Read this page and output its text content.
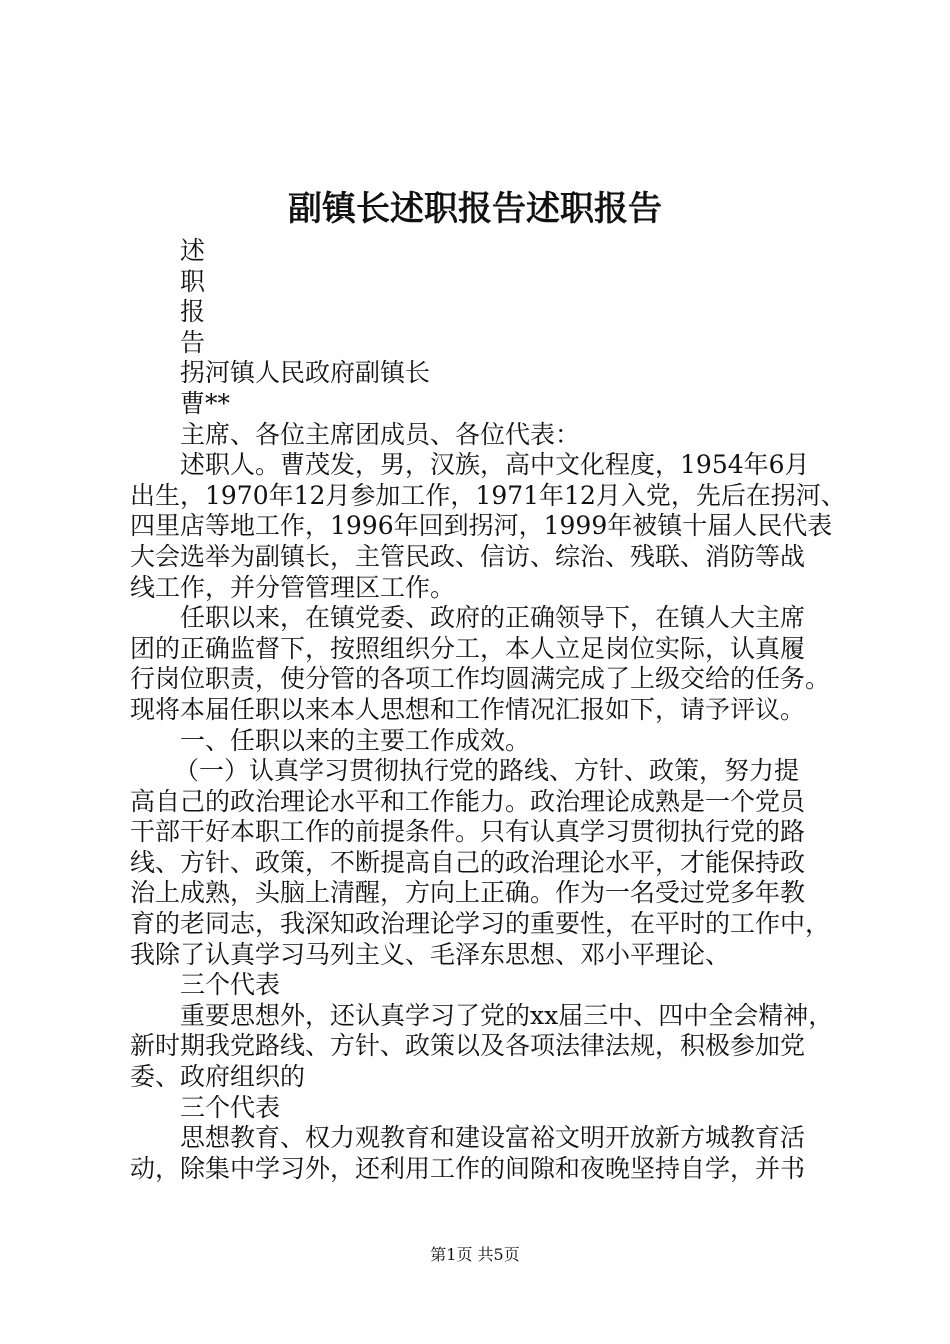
副镇长述职报告述职报告
述
职
报
告
拐河镇人民政府副镇长
曹**
主席、各位主席团成员、各位代表：
述职人。曹茂发，男，汉族，高中文化程度，1954年6月
出生，1970年12月参加工作，1971年12月入党，先后在拐河、
四里店等地工作，1996年回到拐河，1999年被镇十届人民代表
大会选举为副镇长，主管民政、信访、综治、残联、消防等战
线工作，并分管管理区工作。
任职以来，在镇党委、政府的正确领导下，在镇人大主席
团的正确监督下，按照组织分工，本人立足岗位实际，认真履
行岗位职责，使分管的各项工作均圆满完成了上级交给的任务。
现将本届任职以来本人思想和工作情况汇报如下，请予评议。
一、任职以来的主要工作成效。
（一）认真学习贯彻执行党的路线、方针、政策，努力提
高自己的政治理论水平和工作能力。政治理论成熟是一个党员
干部干好本职工作的前提条件。只有认真学习贯彻执行党的路
线、方针、政策，不断提高自己的政治理论水平，才能保持政
治上成熟，头脑上清醒，方向上正确。作为一名受过党多年教
育的老同志，我深知政治理论学习的重要性，在平时的工作中，
我除了认真学习马列主义、毛泽东思想、邓小平理论、
三个代表
重要思想外，还认真学习了党的xx届三中、四中全会精神，
新时期我党路线、方针、政策以及各项法律法规，积极参加党
委、政府组织的
三个代表
思想教育、权力观教育和建设富裕文明开放新方城教育活
动，除集中学习外，还利用工作的间隙和夜晚坚持自学，并书
第1页 共5页
